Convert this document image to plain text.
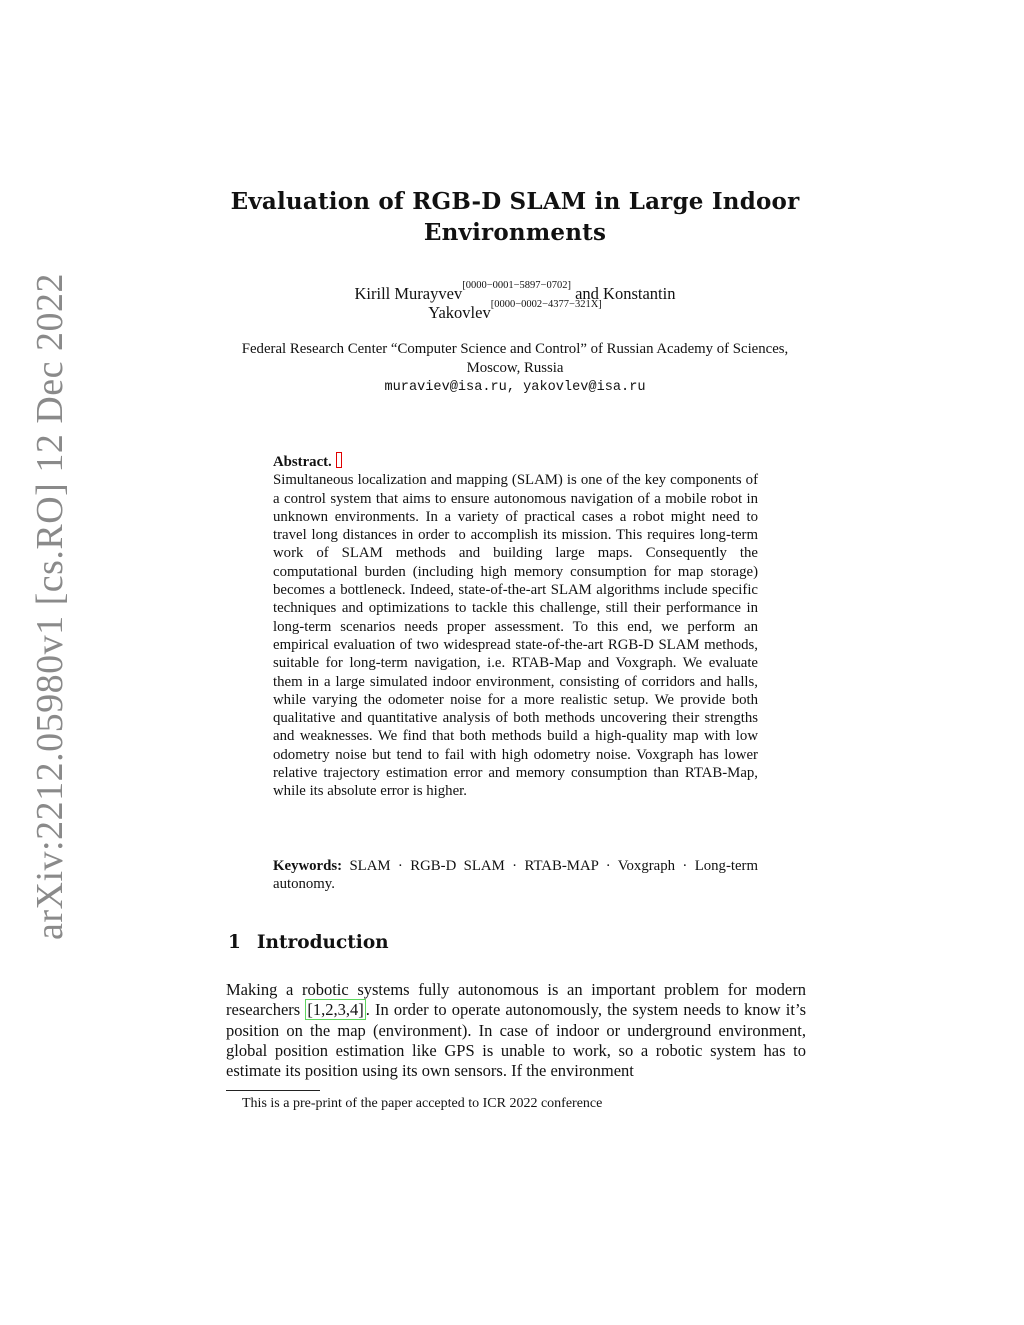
arXiv:2212.05980v1 [cs.RO] 12 Dec 2022
Evaluation of RGB-D SLAM in Large Indoor Environments
Kirill Murayvev[0000−0001−5897−0702] and Konstantin
Yakovlev[0000−0002−4377−321X]
Federal Research Center “Computer Science and Control” of Russian Academy of Sciences, Moscow, Russia
muraviev@isa.ru, yakovlev@isa.ru
Abstract.
Simultaneous localization and mapping (SLAM) is one of the key components of a control system that aims to ensure autonomous navigation of a mobile robot in unknown environments. In a variety of practical cases a robot might need to travel long distances in order to accomplish its mission. This requires long-term work of SLAM methods and building large maps. Consequently the computational burden (including high memory consumption for map storage) becomes a bottleneck. Indeed, state-of-the-art SLAM algorithms include specific techniques and optimizations to tackle this challenge, still their performance in long-term scenarios needs proper assessment. To this end, we perform an empirical evaluation of two widespread state-of-the-art RGB-D SLAM methods, suitable for long-term navigation, i.e. RTAB-Map and Voxgraph. We evaluate them in a large simulated indoor environment, consisting of corridors and halls, while varying the odometer noise for a more realistic setup. We provide both qualitative and quantitative analysis of both methods uncovering their strengths and weaknesses. We find that both methods build a high-quality map with low odometry noise but tend to fail with high odometry noise. Voxgraph has lower relative trajectory estimation error and memory consumption than RTAB-Map, while its absolute error is higher.
Keywords: SLAM · RGB-D SLAM · RTAB-MAP · Voxgraph · Long-term autonomy.
1 Introduction
Making a robotic systems fully autonomous is an important problem for modern researchers [1,2,3,4] . In order to operate autonomously, the system needs to know it’s position on the map (environment). In case of indoor or underground environment, global position estimation like GPS is unable to work, so a robotic system has to estimate its position using its own sensors. If the environment
This is a pre-print of the paper accepted to ICR 2022 conference
